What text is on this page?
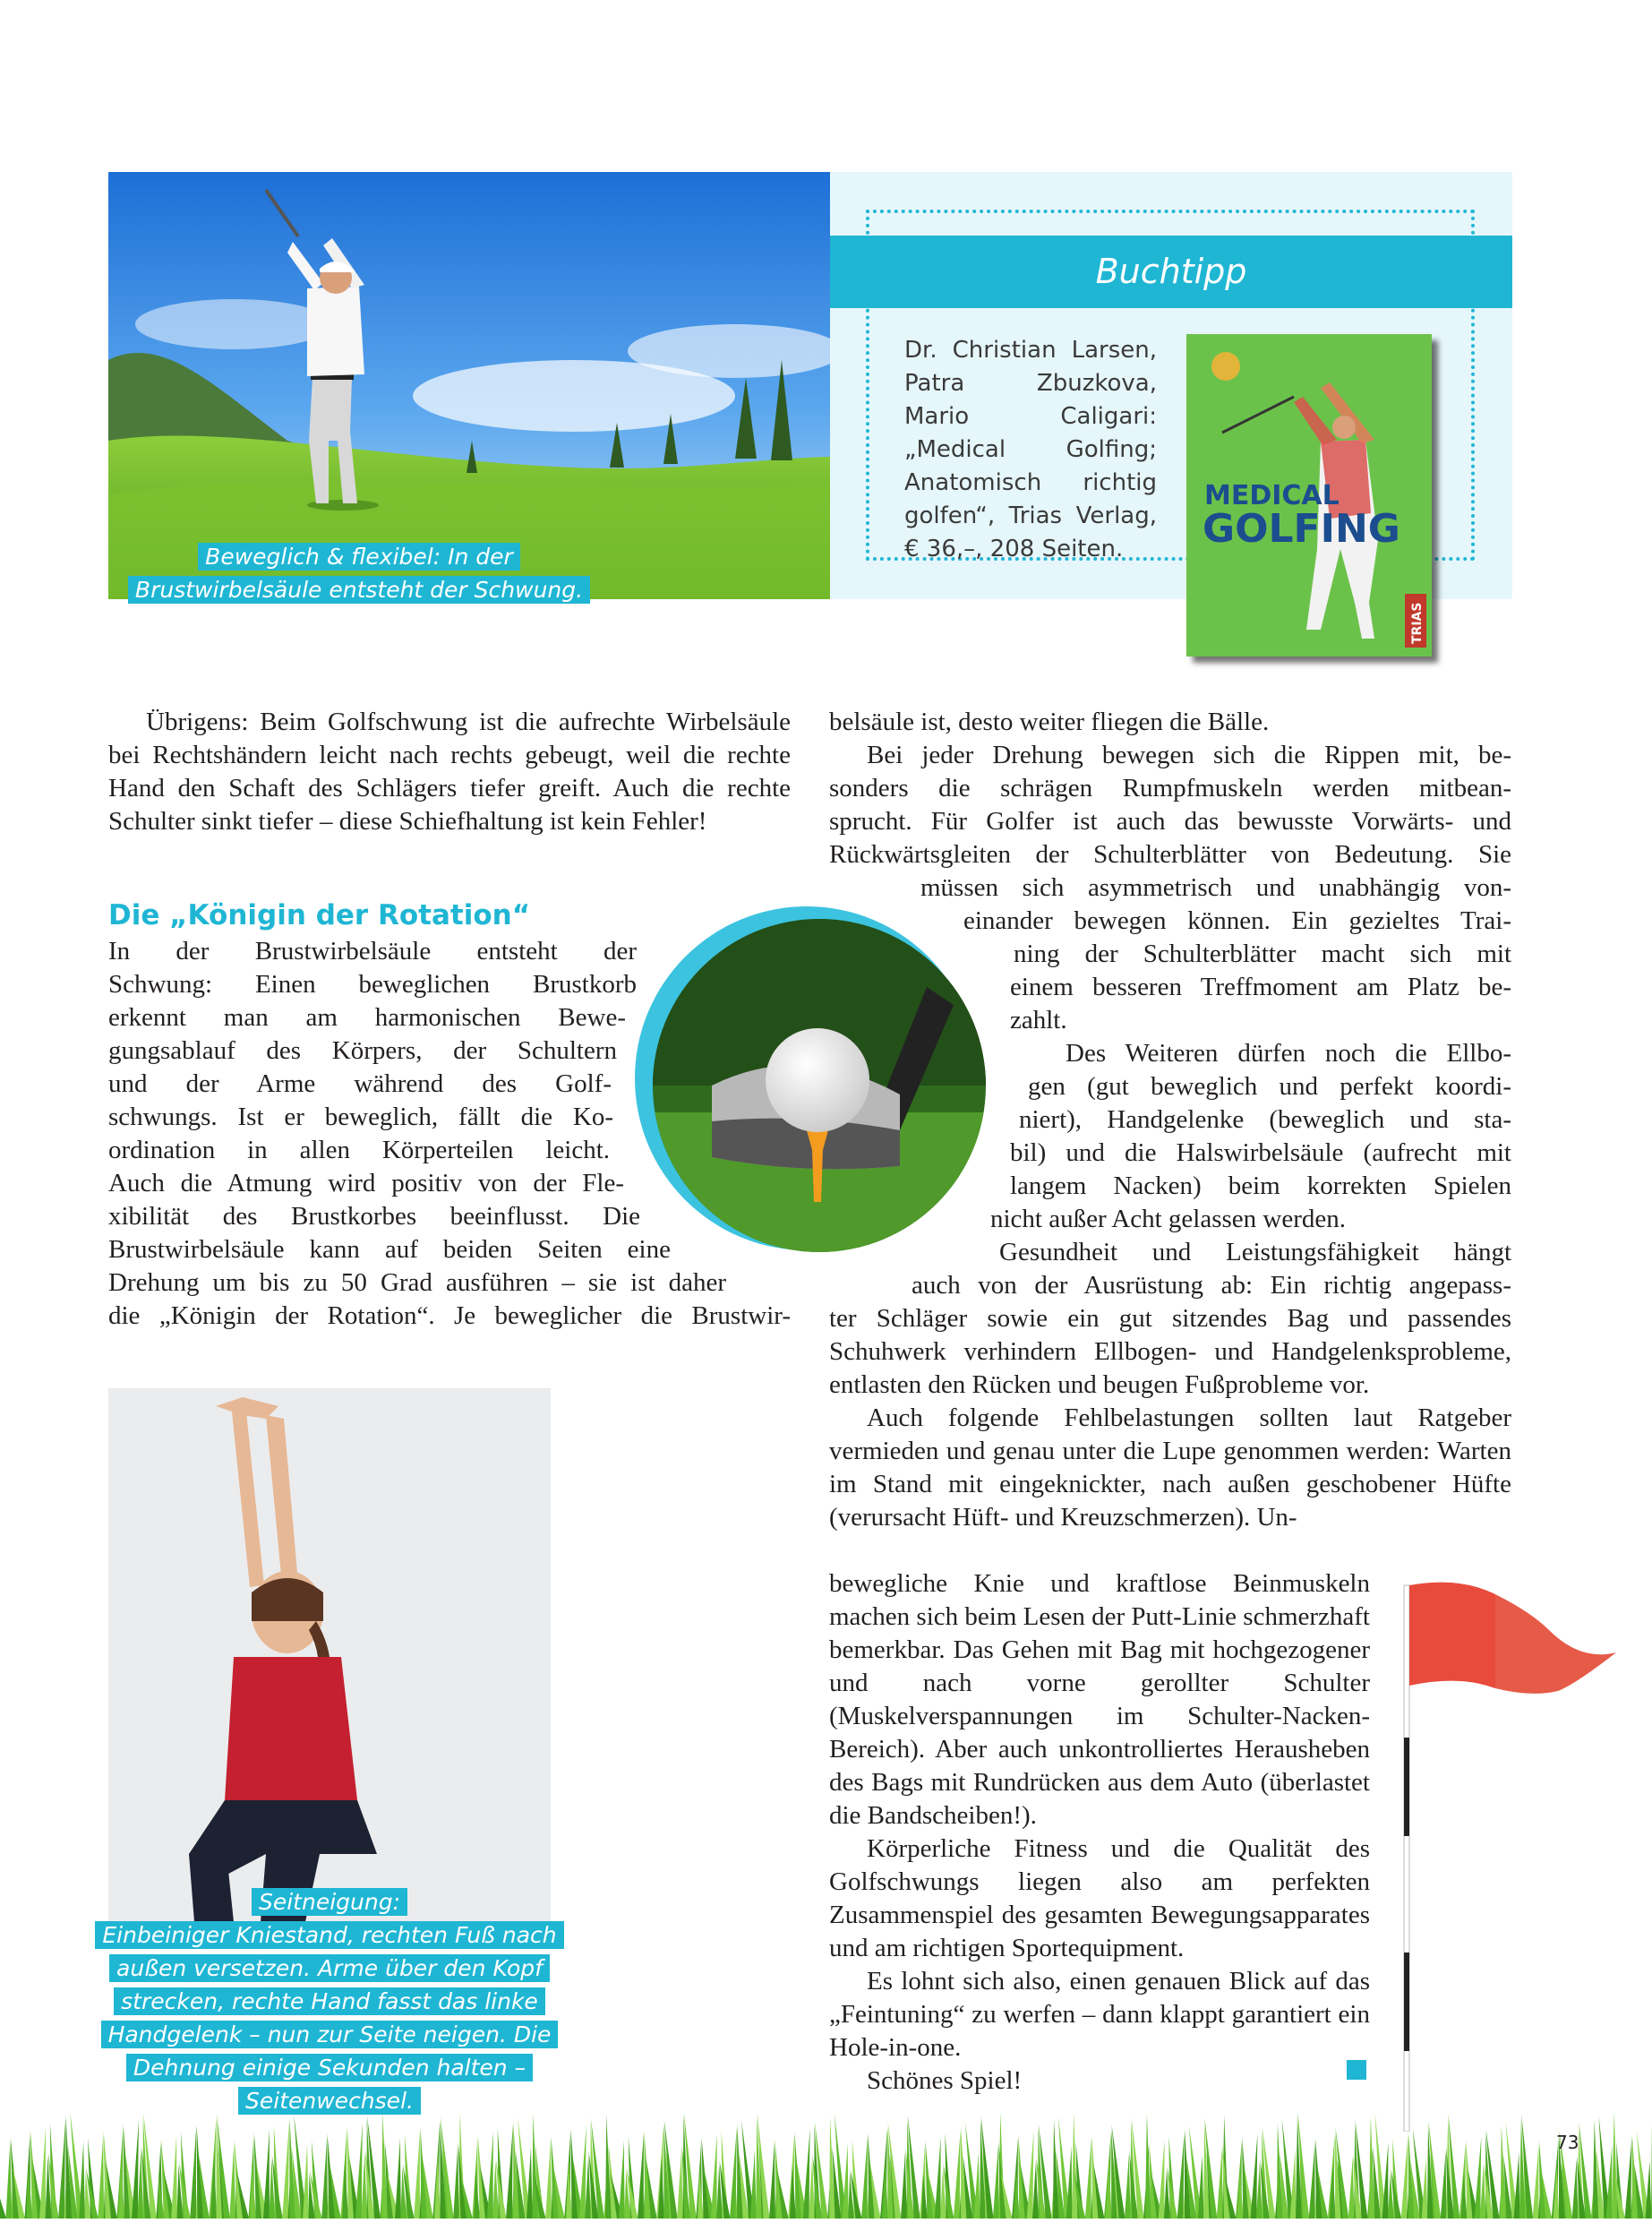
Beweglich & flexibel: In der
Brustwirbelsäule entsteht der Schwung.
Buchtipp
Dr. Christian Larsen, Patra Zbuzkova, Mario Caligari: „Medical Golfing; Anatomisch richtig golfen“, Trias Verlag, € 36,–, 208 Seiten.
MEDICAL
GOLFING
TRIAS

Übrigens: Beim Golfschwung ist die aufrechte Wirbelsäule bei Rechtshändern leicht nach rechts gebeugt, weil die rechte Hand den Schaft des Schlägers tiefer greift. Auch die rechte Schulter sinkt tiefer – diese Schiefhaltung ist kein Fehler!

Die „Königin der Rotation“
In der Brustwirbelsäule entsteht der
Schwung: Einen beweglichen Brustkorb
erkennt man am harmonischen Bewe-
gungsablauf des Körpers, der Schultern
und der Arme während des Golf-
schwungs. Ist er beweglich, fällt die Ko-
ordination in allen Körperteilen leicht.
Auch die Atmung wird positiv von der Fle-
xibilität des Brustkorbes beeinflusst. Die
Brustwirbelsäule kann auf beiden Seiten eine
Drehung um bis zu 50 Grad ausführen – sie ist daher
die „Königin der Rotation“. Je beweglicher die Brustwir-
belsäule ist, desto weiter fliegen die Bälle.
Bei jeder Drehung bewegen sich die Rippen mit, be-
sonders die schrägen Rumpfmuskeln werden mitbean-
sprucht. Für Golfer ist auch das bewusste Vorwärts- und
Rückwärtsgleiten der Schulterblätter von Bedeutung. Sie
müssen sich asymmetrisch und unabhängig von-
einander bewegen können. Ein gezieltes Trai-
ning der Schulterblätter macht sich mit
einem besseren Treffmoment am Platz be-
zahlt.
Des Weiteren dürfen noch die Ellbo-
gen (gut beweglich und perfekt koordi-
niert), Handgelenke (beweglich und sta-
bil) und die Halswirbelsäule (aufrecht mit
langem Nacken) beim korrekten Spielen
nicht außer Acht gelassen werden.
Gesundheit und Leistungsfähigkeit hängt
auch von der Ausrüstung ab: Ein richtig angepass-

ter Schläger sowie ein gut sitzendes Bag und passendes Schuhwerk verhindern Ellbogen- und Handgelenksprobleme, entlasten den Rücken und beugen Fußprobleme vor.

Auch folgende Fehlbelastungen sollten laut Ratgeber vermieden und genau unter die Lupe genommen werden: Warten im Stand mit eingeknickter, nach außen geschobener Hüfte (verursacht Hüft- und Kreuzschmerzen). Un-

bewegliche Knie und kraftlose Beinmuskeln machen sich beim Lesen der Putt-Linie schmerzhaft bemerkbar. Das Gehen mit Bag mit hochgezogener und nach vorne gerollter Schulter (Muskelverspannungen im Schulter-Nacken-Bereich). Aber auch unkontrolliertes Herausheben des Bags mit Rundrücken aus dem Auto (überlastet die Bandscheiben!).

Körperliche Fitness und die Qualität des Golfschwungs liegen also am perfekten Zusammenspiel des gesamten Bewegungsapparates und am richtigen Sportequipment.

Es lohnt sich also, einen genauen Blick auf das „Feintuning“ zu werfen – dann klappt garantiert ein Hole-in-one.

Schönes Spiel!

Seitneigung:
Einbeiniger Kniestand, rechten Fuß nach
außen versetzen. Arme über den Kopf
strecken, rechte Hand fasst das linke
Handgelenk – nun zur Seite neigen. Die
Dehnung einige Sekunden halten –
Seitenwechsel.
73
